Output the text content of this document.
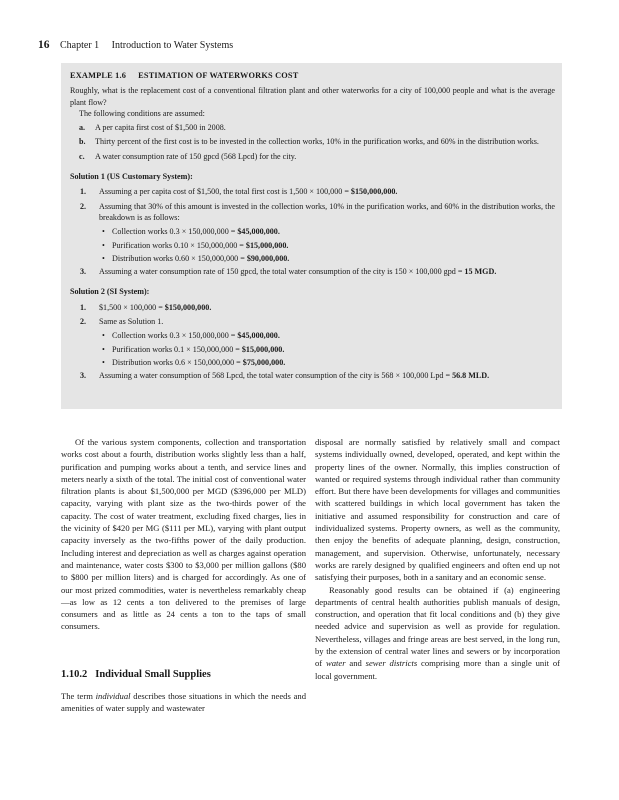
16 Chapter 1 Introduction to Water Systems

EXAMPLE 1.6 ESTIMATION OF WATERWORKS COST

Roughly, what is the replacement cost of a conventional filtration plant and other waterworks for a city of 100,000 people and what is the average plant flow?

The following conditions are assumed:

a.	A per capita first cost of $1,500 in 2008.
b.	Thirty percent of the first cost is to be invested in the collection works, 10% in the purification works, and 60% in the distribution works.
c.	A water consumption rate of 150 gpcd (568 Lpcd) for the city.

Solution 1 (US Customary System):

1.	Assuming a per capita cost of $1,500, the total first cost is 1,500 × 100,000 = $150,000,000.
2.	Assuming that 30% of this amount is invested in the collection works, 10% in the purification works, and 60% in the distribution works, the breakdown is as follows:
• Collection works 0.3 × 150,000,000 = $45,000,000.
• Purification works 0.10 × 150,000,000 = $15,000,000.
• Distribution works 0.60 × 150,000,000 = $90,000,000.
3.	Assuming a water consumption rate of 150 gpcd, the total water consumption of the city is 150 × 100,000 gpd = 15 MGD.

Solution 2 (SI System):

1.	$1,500 × 100,000 = $150,000,000.
2.	Same as Solution 1.
• Collection works 0.3 × 150,000,000 = $45,000,000.
• Purification works 0.1 × 150,000,000 = $15,000,000.
• Distribution works 0.6 × 150,000,000 = $75,000,000.
3.	Assuming a water consumption of 568 Lpcd, the total water consumption of the city is 568 × 100,000 Lpd = 56.8 MLD.

Of the various system components, collection and transportation works cost about a fourth, distribution works slightly less than a half, purification and pumping works about a tenth, and service lines and meters nearly a sixth of the total. The initial cost of conventional water filtration plants is about $1,500,000 per MGD ($396,000 per MLD) capacity, varying with plant size as the two-thirds power of the capacity. The cost of water treatment, excluding fixed charges, lies in the vicinity of $420 per MG ($111 per ML), varying with plant output capacity inversely as the two-fifths power of the daily production. Including interest and depreciation as well as charges against operation and maintenance, water costs $300 to $3,000 per million gallons ($80 to $800 per million liters) and is charged for accordingly. As one of our most prized commodities, water is nevertheless remarkably cheap—as low as 12 cents a ton delivered to the premises of large consumers and as little as 24 cents a ton to the taps of small consumers.

1.10.2 Individual Small Supplies

The term individual describes those situations in which the needs and amenities of water supply and wastewater

disposal are normally satisfied by relatively small and compact systems individually owned, developed, operated, and kept within the property lines of the owner. Normally, this implies construction of wanted or required systems through individual rather than community effort. But there have been developments for villages and communities with scattered buildings in which local government has taken the initiative and assumed responsibility for construction and care of individualized systems. Property owners, as well as the community, then enjoy the benefits of adequate planning, design, construction, management, and supervision. Otherwise, unfortunately, necessary works are rarely designed by qualified engineers and often end up not satisfying their purposes, both in a sanitary and an economic sense.

Reasonably good results can be obtained if (a) engineering departments of central health authorities publish manuals of design, construction, and operation that fit local conditions and (b) they give needed advice and supervision as well as provide for regulation. Nevertheless, villages and fringe areas are best served, in the long run, by the extension of central water lines and sewers or by incorporation of water and sewer districts comprising more than a single unit of local government.
